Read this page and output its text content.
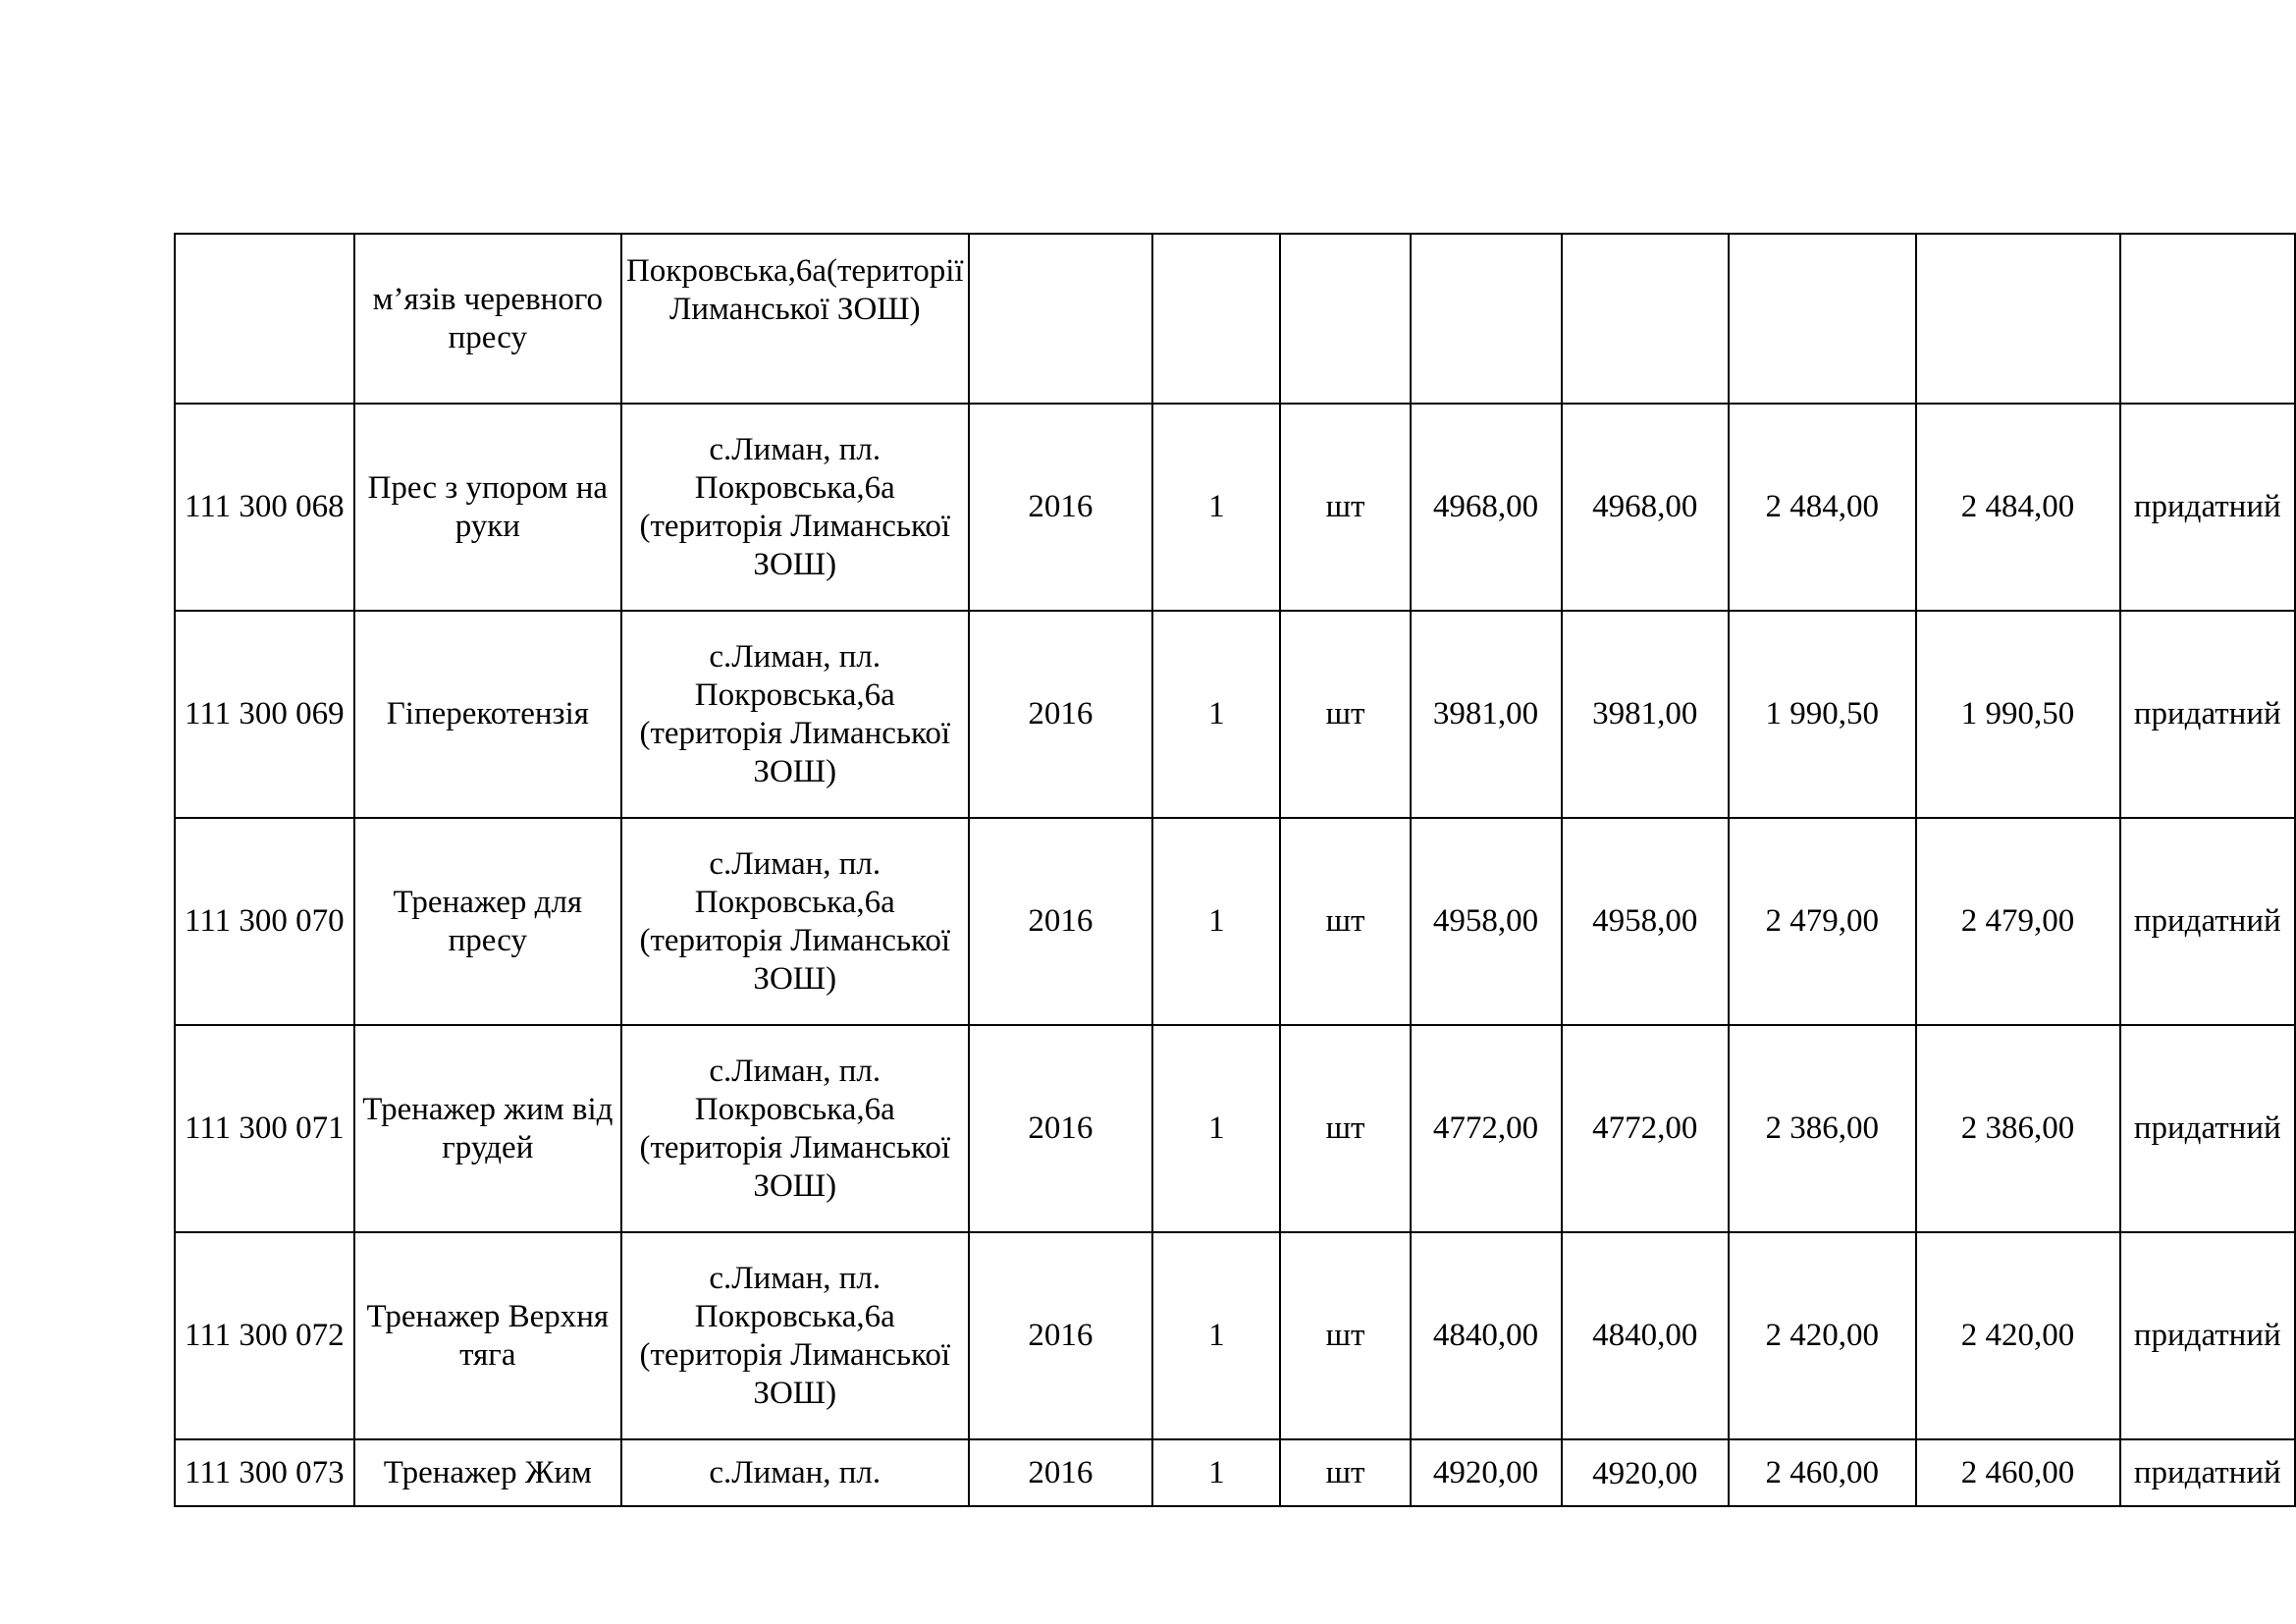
	м’язів черевного пресу	Покровська,6а(території Лиманської ЗОШ)								
111 300 068	Прес з упором на руки	с.Лиман, пл. Покровська,6а (територія Лиманської ЗОШ)	2016	1	шт	4968,00	4968,00	2 484,00	2 484,00	придатний
111 300 069	Гіперекотензія	с.Лиман, пл. Покровська,6а (територія Лиманської ЗОШ)	2016	1	шт	3981,00	3981,00	1 990,50	1 990,50	придатний
111 300 070	Тренажер для пресу	с.Лиман, пл. Покровська,6а (територія Лиманської ЗОШ)	2016	1	шт	4958,00	4958,00	2 479,00	2 479,00	придатний
111 300 071	Тренажер жим від грудей	с.Лиман, пл. Покровська,6а (територія Лиманської ЗОШ)	2016	1	шт	4772,00	4772,00	2 386,00	2 386,00	придатний
111 300 072	Тренажер Верхня тяга	с.Лиман, пл. Покровська,6а (територія Лиманської ЗОШ)	2016	1	шт	4840,00	4840,00	2 420,00	2 420,00	придатний
111 300 073	Тренажер Жим	с.Лиман, пл.	2016	1	шт	4920,00	4920,00	2 460,00	2 460,00	придатний
